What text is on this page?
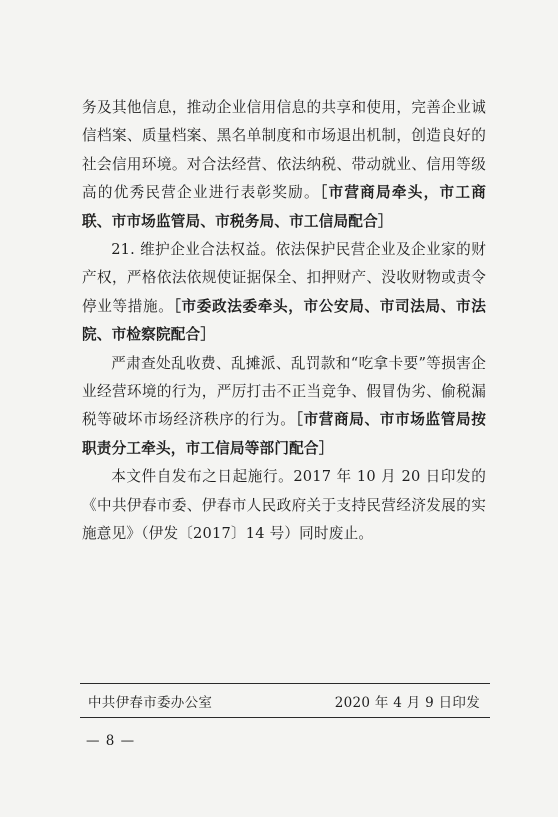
务及其他信息，推动企业信用信息的共享和使用，完善企业诚信档案、质量档案、黑名单制度和市场退出机制，创造良好的社会信用环境。对合法经营、依法纳税、带动就业、信用等级高的优秀民营企业进行表彰奖励。［市营商局牵头，市工商联、市市场监管局、市税务局、市工信局配合］

21. 维护企业合法权益。依法保护民营企业及企业家的财产权，严格依法依规使证据保全、扣押财产、没收财物或责令停业等措施。［市委政法委牵头，市公安局、市司法局、市法院、市检察院配合］

严肃查处乱收费、乱摊派、乱罚款和“吃拿卡要”等损害企业经营环境的行为，严厉打击不正当竞争、假冒伪劣、偷税漏税等破坏市场经济秩序的行为。［市营商局、市市场监管局按职责分工牵头，市工信局等部门配合］

本文件自发布之日起施行。2017 年 10 月 20 日印发的《中共伊春市委、伊春市人民政府关于支持民营经济发展的实施意见》（伊发〔2017〕14 号）同时废止。

中共伊春市委办公室	2020 年 4 月 9 日印发
— 8 —
